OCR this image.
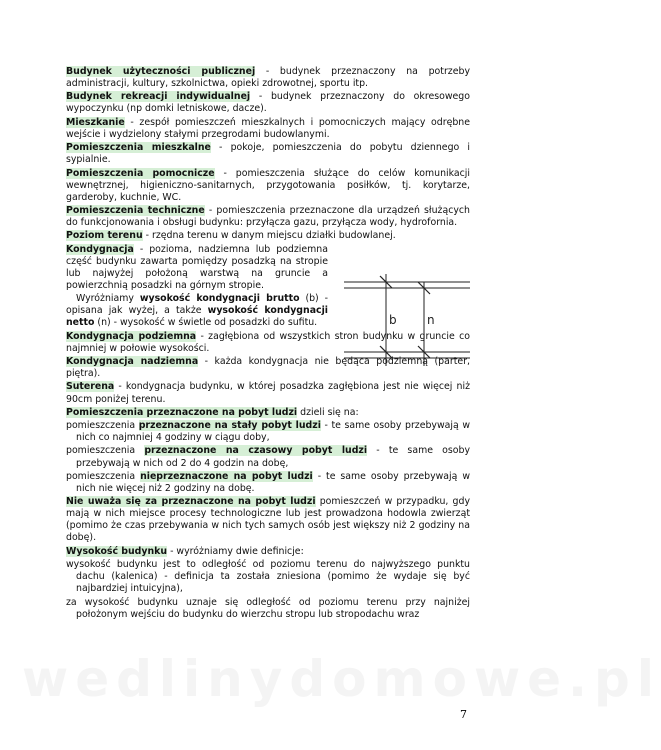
Budynek użyteczności publicznej - budynek przeznaczony na potrzeby administracji, kultury, szkolnictwa, opieki zdrowotnej, sportu itp.

Budynek rekreacji indywidualnej - budynek przeznaczony do okresowego wypoczynku (np domki letniskowe, dacze).

Mieszkanie - zespół pomieszczeń mieszkalnych i pomocniczych mający odrębne wejście i wydzielony stałymi przegrodami budowlanymi.

Pomieszczenia mieszkalne - pokoje, pomieszczenia do pobytu dziennego i sypialnie.

Pomieszczenia pomocnicze - pomieszczenia służące do celów komunikacji wewnętrznej, higieniczno-sanitarnych, przygotowania posiłków, tj. korytarze, garderoby, kuchnie, WC.

Pomieszczenia techniczne - pomieszczenia przeznaczone dla urządzeń służących do funkcjonowania i obsługi budynku: przyłącza gazu, przyłącza wody, hydrofornia.

Poziom terenu - rzędna terenu w danym miejscu działki budowlanej.

Kondygnacja - pozioma, nadziemna lub podziemna część budynku zawarta pomiędzy posadzką na stropie lub najwyżej położoną warstwą na gruncie a powierzchnią posadzki na górnym stropie.

Wyróżniamy wysokość kondygnacji brutto (b) - opisana jak wyżej, a także wysokość kondygnacji netto (n) - wysokość w świetle od posadzki do sufitu.

Kondygnacja podziemna - zagłębiona od wszystkich stron budynku w gruncie co najmniej w połowie wysokości.

Kondygnacja nadziemna - każda kondygnacja nie będąca podziemną (parter, piętra).

Suterena - kondygnacja budynku, w której posadzka zagłębiona jest nie więcej niż 90cm poniżej terenu.

Pomieszczenia przeznaczone na pobyt ludzi dzieli się na:

pomieszczenia przeznaczone na stały pobyt ludzi - te same osoby przebywają w nich co najmniej 4 godziny w ciągu doby,

pomieszczenia przeznaczone na czasowy pobyt ludzi - te same osoby przebywają w nich od 2 do 4 godzin na dobę,

pomieszczenia nieprzeznaczone na pobyt ludzi - te same osoby przebywają w nich nie więcej niż 2 godziny na dobę.

Nie uważa się za przeznaczone na pobyt ludzi pomieszczeń w przypadku, gdy mają w nich miejsce procesy technologiczne lub jest prowadzona hodowla zwierząt (pomimo że czas przebywania w nich tych samych osób jest większy niż 2 godziny na dobę).

Wysokość budynku - wyróżniamy dwie definicje:

wysokość budynku jest to odległość od poziomu terenu do najwyższego punktu dachu (kalenica) - definicja ta została zniesiona (pomimo że wydaje się być najbardziej intuicyjna),

za wysokość budynku uznaje się odległość od poziomu terenu przy najniżej położonym wejściu do budynku do wierzchu stropu lub stropodachu wraz

b	n
wedlinydomowe.pl
7
